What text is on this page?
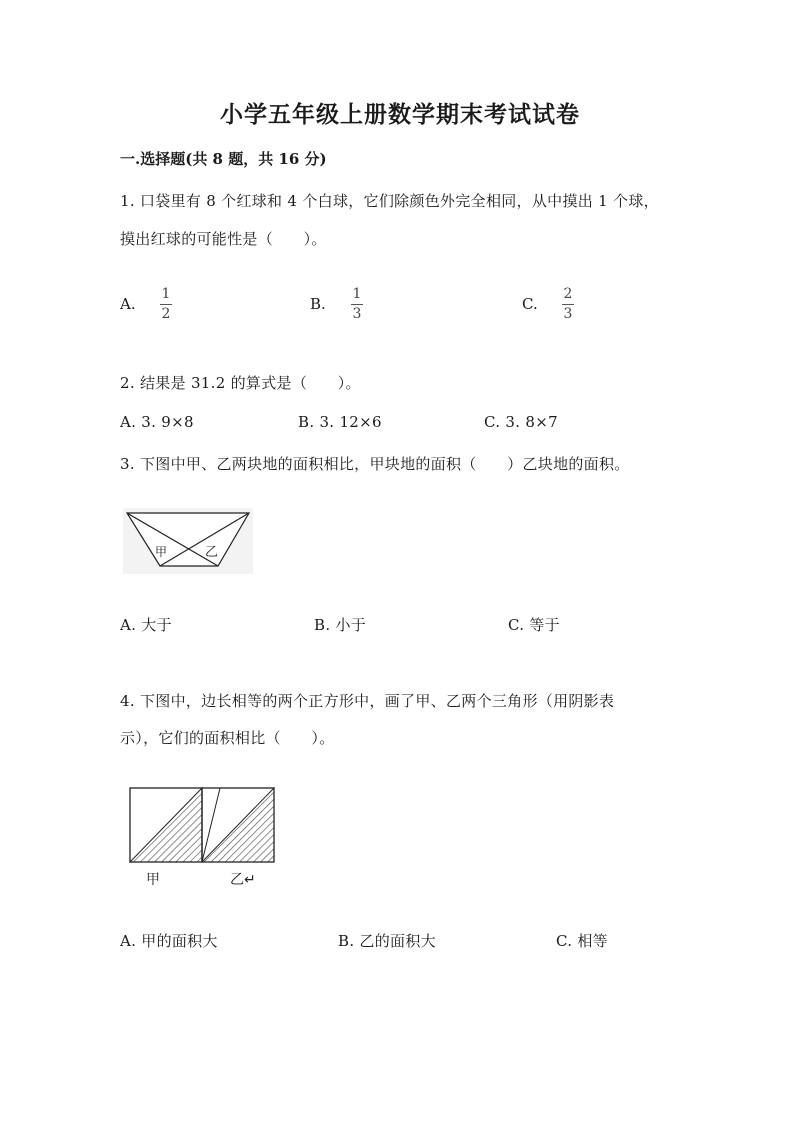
小学五年级上册数学期末考试试卷
一.选择题(共 8 题，共 16 分)
1. 口袋里有 8 个红球和 4 个白球，它们除颜色外完全相同，从中摸出 1 个球，
摸出红球的可能性是（　　）。
A.
1
2
B.
1
3
C.
2
3
2. 结果是 31.2 的算式是（　　）。
A. 3. 9×8	B. 3. 12×6	C. 3. 8×7
3. 下图中甲、乙两块地的面积相比，甲块地的面积（　　）乙块地的面积。
甲	乙
A. 大于	B. 小于	C. 等于
4. 下图中，边长相等的两个正方形中，画了甲、乙两个三角形（用阴影表
示），它们的面积相比（　　）。
甲	乙↵
A. 甲的面积大	B. 乙的面积大	C. 相等
